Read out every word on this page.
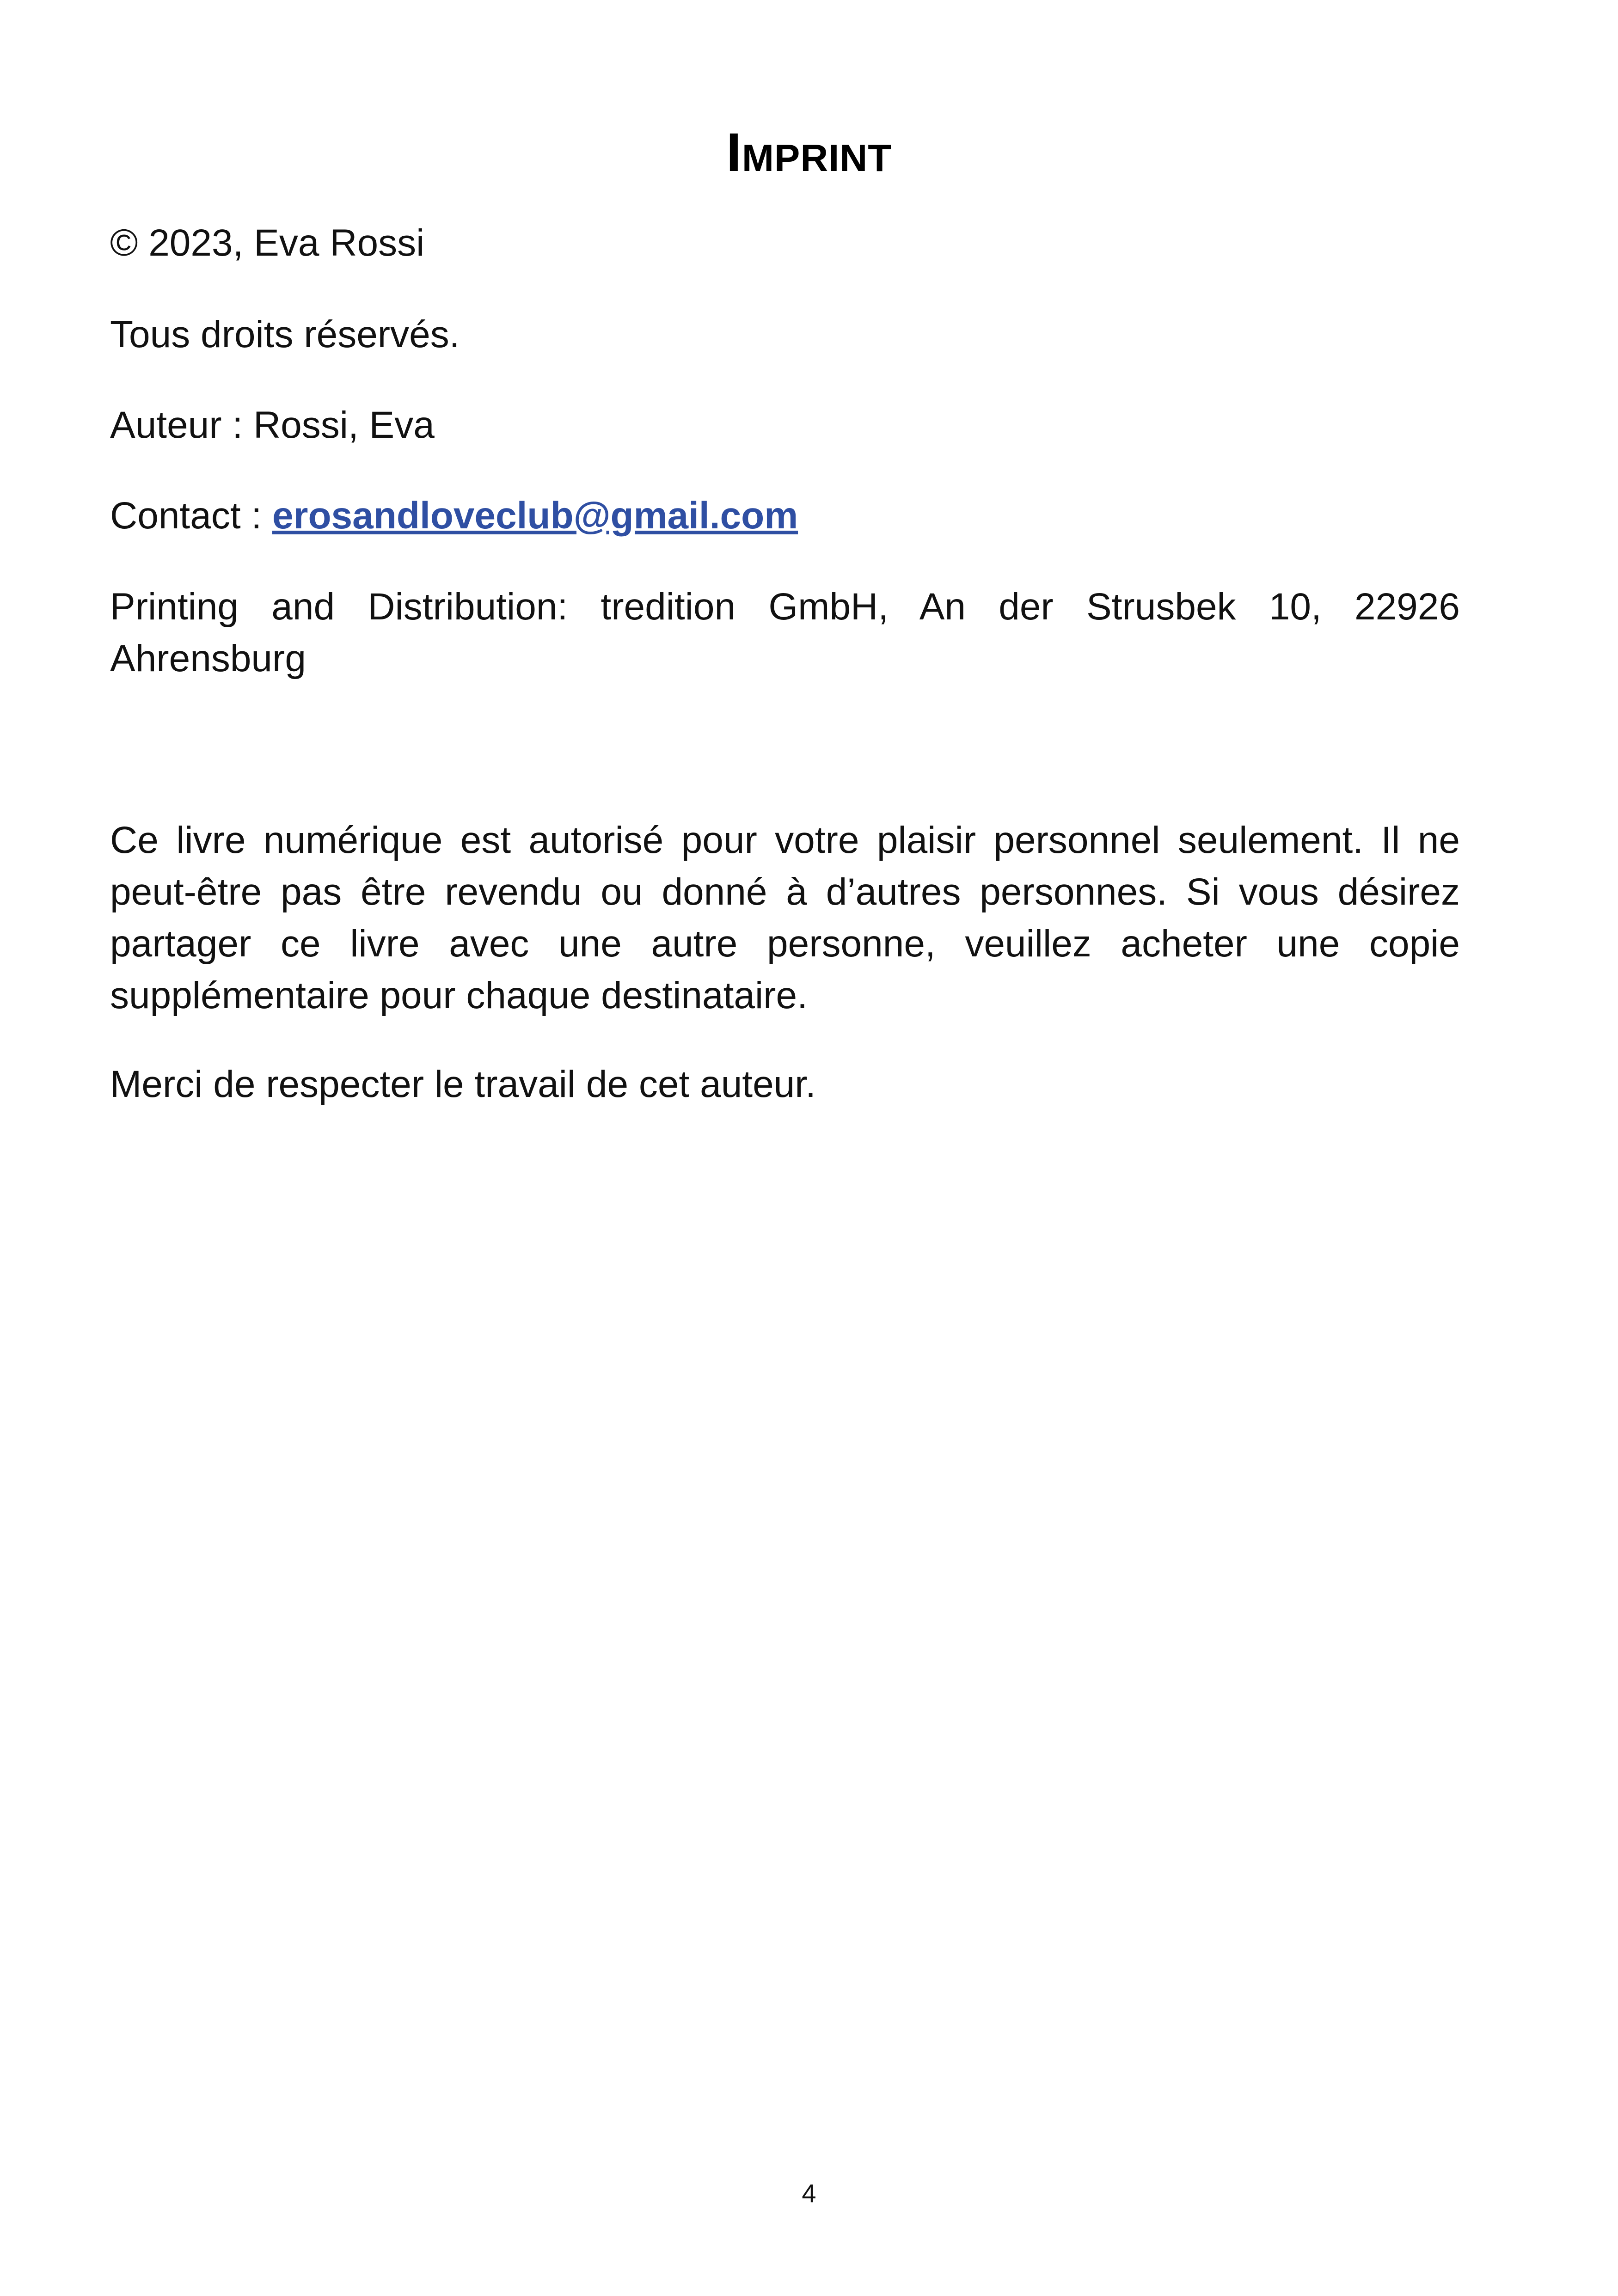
Imprint

© 2023, Eva Rossi

Tous droits réservés.

Auteur : Rossi, Eva

Contact : erosandloveclub@gmail.com

Printing and Distribution: tredition GmbH, An der Strusbek 10, 22926 Ahrensburg

Ce livre numérique est autorisé pour votre plaisir personnel seulement. Il ne peut-être pas être revendu ou donné à d’autres personnes. Si vous désirez partager ce livre avec une autre personne, veuillez acheter une copie supplémentaire pour chaque destinataire.

Merci de respecter le travail de cet auteur.

4
